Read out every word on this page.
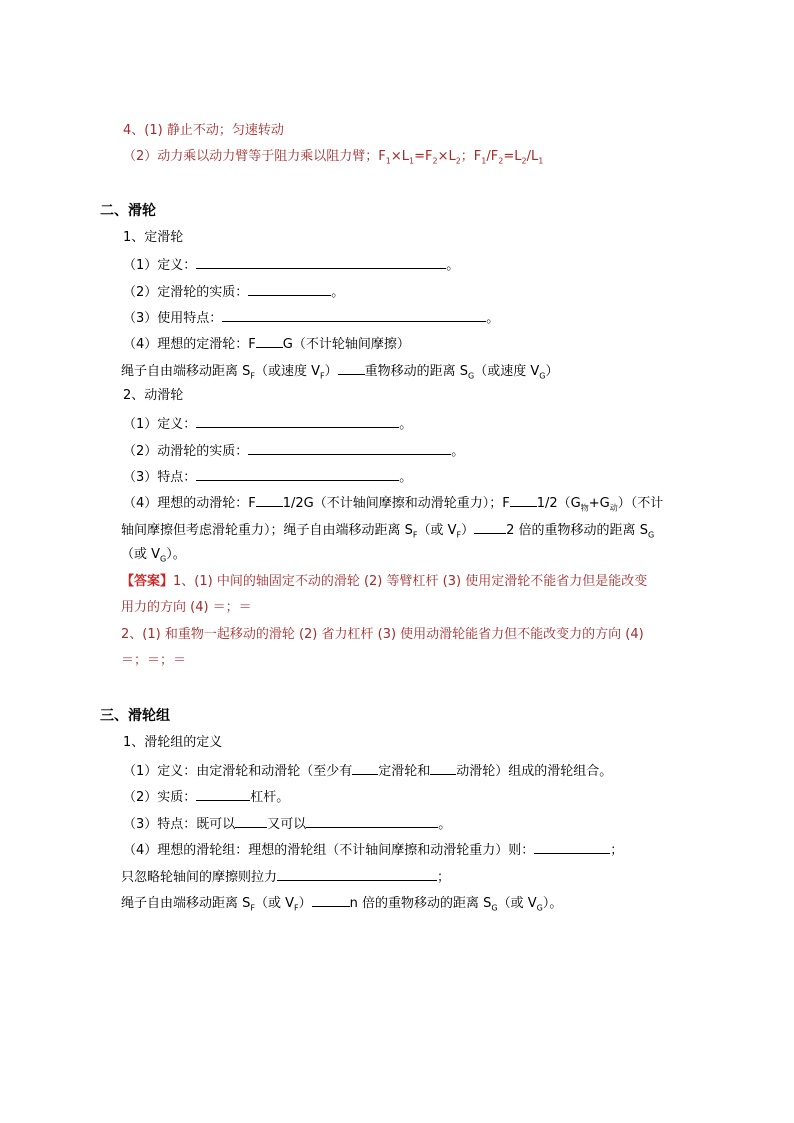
4、(1) 静止不动；匀速转动
（2）动力乘以动力臂等于阻力乘以阻力臂；$F_1\times L_1=F_2\times L_2$；$F_1/F_2=L_2/L_1$
二、滑轮
1、定滑轮
（1）定义：	。
（2）定滑轮的实质：	。
（3）使用特点：	。
（4）理想的定滑轮：F G（不计轮轴间摩擦）
绳子自由端移动距离 $S_F$（或速度 $V_F$） 重物移动的距离 $S_G$（或速度 $V_G$）
2、动滑轮
（1）定义：	。
（2）动滑轮的实质：	。
（3）特点：	。
（4）理想的动滑轮：F 1/2G（不计轴间摩擦和动滑轮重力）；F $1/2(G_物+G_动)$（不计
轴间摩擦但考虑滑轮重力）；绳子自由端移动距离 $S_F$（或 $V_F$） 2 倍的重物移动的距离 $S_G$
（或 $V_G$）。
【答案】1、(1) 中间的轴固定不动的滑轮 (2) 等臂杠杆 (3) 使用定滑轮不能省力但是能改变
用力的方向 (4) ＝；＝
2、(1) 和重物一起移动的滑轮 (2) 省力杠杆 (3) 使用动滑轮能省力但不能改变力的方向 (4)
＝；＝；＝
三、滑轮组
1、滑轮组的定义
（1）定义：由定滑轮和动滑轮（至少有 定滑轮和 动滑轮）组成的滑轮组合。
（2）实质：	杠杆。
（3）特点：既可以 又可以	。
（4）理想的滑轮组：理想的滑轮组（不计轴间摩擦和动滑轮重力）则：	；
只忽略轮轴间的摩擦则拉力	；
绳子自由端移动距离 $S_F$（或 $V_F$）	n 倍的重物移动的距离 $S_G$（或 $V_G$）。
